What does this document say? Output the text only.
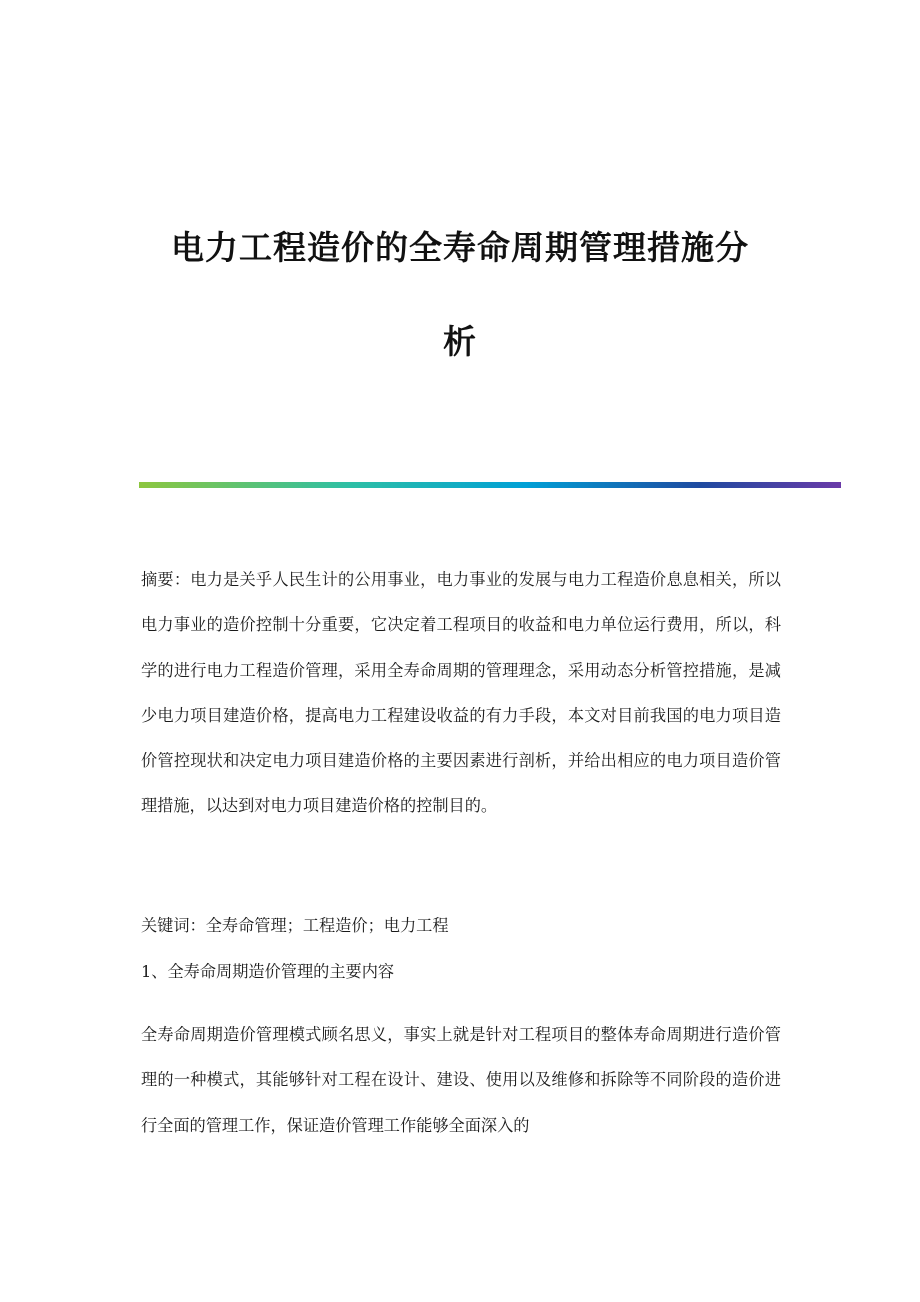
电力工程造价的全寿命周期管理措施分
析

摘要：电力是关乎人民生计的公用事业，电力事业的发展与电力工程造价息息相关，所以电力事业的造价控制十分重要，它决定着工程项目的收益和电力单位运行费用，所以，科学的进行电力工程造价管理，采用全寿命周期的管理理念，采用动态分析管控措施，是减少电力项目建造价格，提高电力工程建设收益的有力手段，本文对目前我国的电力项目造价管控现状和决定电力项目建造价格的主要因素进行剖析，并给出相应的电力项目造价管理措施，以达到对电力项目建造价格的控制目的。

关键词：全寿命管理；工程造价；电力工程

1、全寿命周期造价管理的主要内容

全寿命周期造价管理模式顾名思义，事实上就是针对工程项目的整体寿命周期进行造价管理的一种模式，其能够针对工程在设计、建设、使用以及维修和拆除等不同阶段的造价进行全面的管理工作，保证造价管理工作能够全面深入的
